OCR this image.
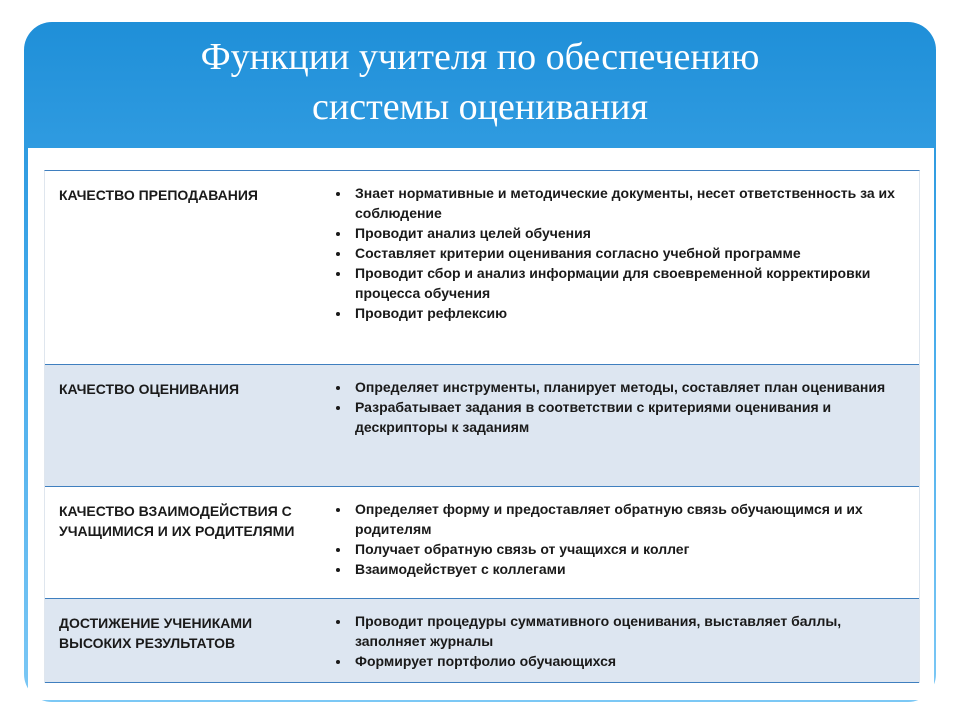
Функции учителя по обеспечению
системы оценивания
КАЧЕСТВО ПРЕПОДАВАНИЯ	• Знает нормативные и методические документы, несет ответственность за их соблюдение
• Проводит анализ целей обучения
• Составляет критерии оценивания согласно учебной программе
• Проводит сбор и анализ информации для своевременной корректировки процесса обучения
• Проводит рефлексию
КАЧЕСТВО ОЦЕНИВАНИЯ	• Определяет инструменты, планирует методы, составляет план оценивания
• Разрабатывает задания в соответствии с критериями оценивания и дескрипторы к заданиям
КАЧЕСТВО ВЗАИМОДЕЙСТВИЯ С УЧАЩИМИСЯ И ИХ РОДИТЕЛЯМИ
• Определяет форму и предоставляет обратную связь обучающимся и их родителям
• Получает обратную связь от учащихся и коллег
• Взаимодействует с коллегами
ДОСТИЖЕНИЕ УЧЕНИКАМИ ВЫСОКИХ РЕЗУЛЬТАТОВ
• Проводит процедуры суммативного оценивания, выставляет баллы, заполняет журналы
• Формирует портфолио обучающихся
